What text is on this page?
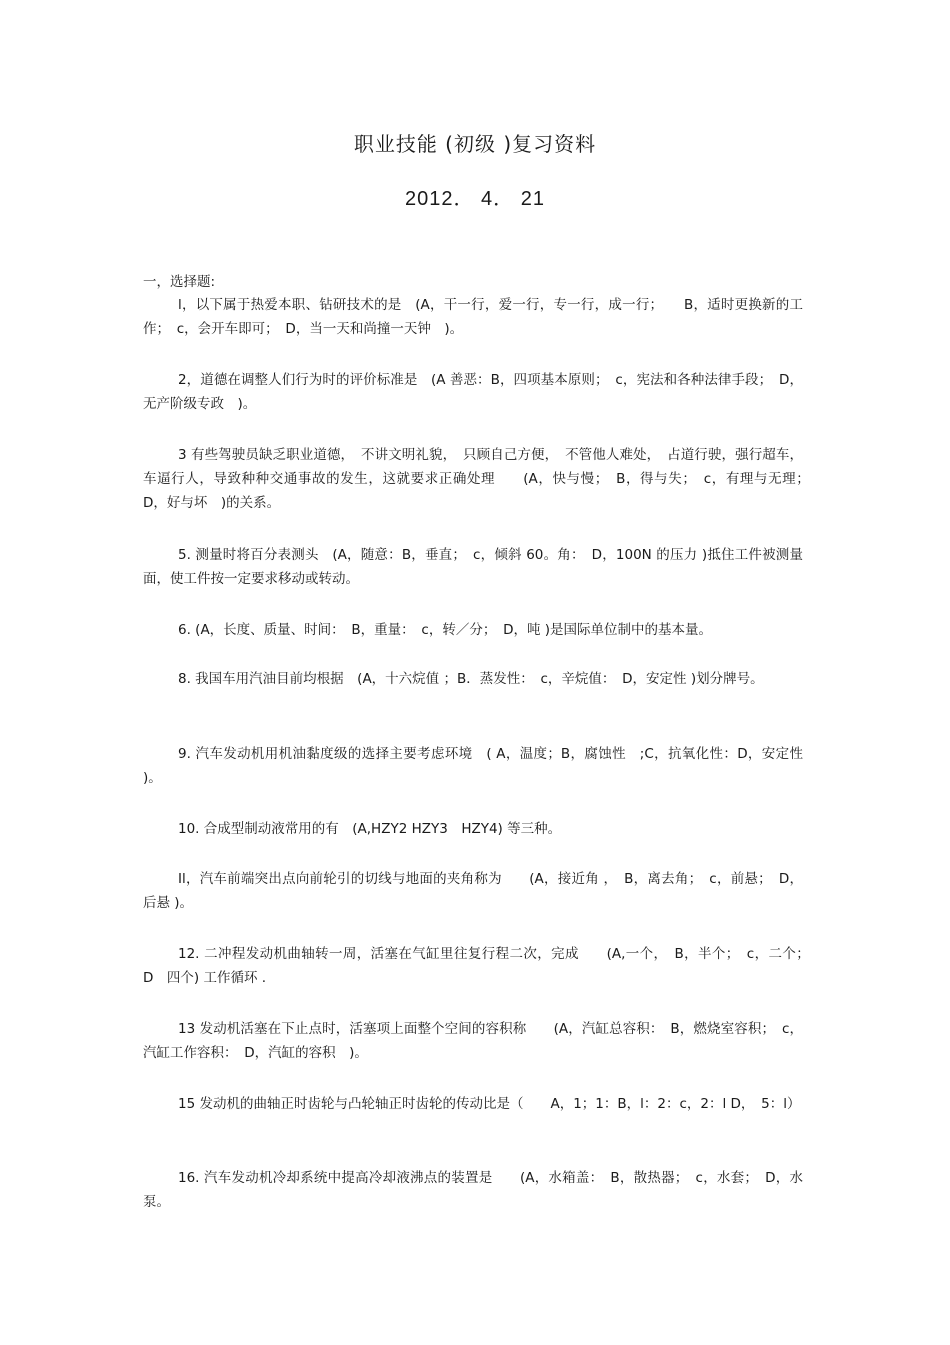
职业技能 (初级 )复习资料
2012． 4． 21
一，选择题:
l，以下属于热爱本职、钻研技术的是　(A，干一行，爱一行，专一行，成一行；　　B，适时更换新的工作；　c，会开车即可；　D，当一天和尚撞一天钟　)。
2，道德在调整人们行为时的评价标准是　(A 善恶：B，四项基本原则；　c，宪法和各种法律手段；　D，无产阶级专政　)。
3 有些驾驶员缺乏职业道德，　不讲文明礼貌，　只顾自己方便，　不管他人难处，　占道行驶，强行超车，车逼行人，导致种种交通事故的发生，这就要求正确处理　　(A，快与慢；　B，得与失；　c，有理与无理；　D，好与坏　)的关系。
5. 测量时将百分表测头　(A，随意：B，垂直；　c，倾斜 60。角：　D，100N 的压力 )抵住工件被测量面，使工件按一定要求移动或转动。
6. (A，长度、质量、时间：　B，重量：　c，转／分；　D，吨 )是国际单位制中的基本量。
8. 我国车用汽油目前均根据　(A，十六烷值 ；B．蒸发性：　c，辛烷值：　D，安定性 )划分牌号。
9. 汽车发动机用机油黏度级的选择主要考虑环境　( A，温度；B，腐蚀性　;C，抗氧化性：D，安定性 )。
10. 合成型制动液常用的有　(A,HZY2 HZY3　HZY4) 等三种。
Il，汽车前端突出点向前轮引的切线与地面的夹角称为　　(A，接近角 ，　B，离去角；　c，前悬；　D，后悬 )。
12. 二冲程发动机曲轴转一周，活塞在气缸里往复行程二次，完成　　(A,一个，　B，半个；　c，二个；　D　四个) 工作循环 .
13 发动机活塞在下止点时，活塞项上面整个空间的容积称　　(A，汽缸总容积：　B，燃烧室容积；　c，汽缸工作容积：　D，汽缸的容积　)。
15 发动机的曲轴正时齿轮与凸轮轴正时齿轮的传动比是（　　A，1；1：B，l：2：c，2：l D，　5：l）
16. 汽车发动机冷却系统中提高冷却液沸点的装置是　　(A，水箱盖：　B，散热器；　c，水套；　D，水泵。
